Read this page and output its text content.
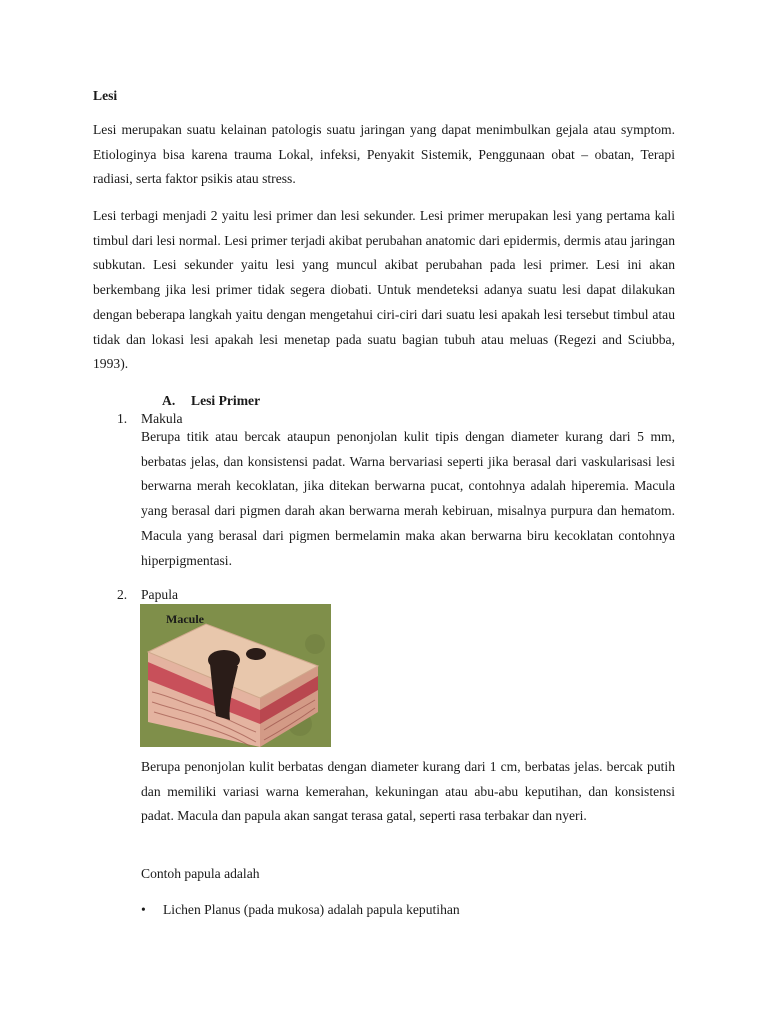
Lesi

Lesi merupakan suatu kelainan patologis suatu jaringan yang dapat menimbulkan gejala atau symptom. Etiologinya bisa karena trauma Lokal, infeksi, Penyakit Sistemik, Penggunaan obat – obatan, Terapi radiasi, serta faktor psikis atau stress.

Lesi terbagi menjadi 2 yaitu lesi primer dan lesi sekunder. Lesi primer merupakan lesi yang pertama kali timbul dari lesi normal. Lesi primer terjadi akibat perubahan anatomic dari epidermis, dermis atau jaringan subkutan. Lesi sekunder yaitu lesi yang muncul akibat perubahan pada lesi primer. Lesi ini akan berkembang jika lesi primer tidak segera diobati. Untuk mendeteksi adanya suatu lesi dapat dilakukan dengan beberapa langkah yaitu dengan mengetahui ciri-ciri dari suatu lesi apakah lesi tersebut timbul atau tidak dan lokasi lesi apakah lesi menetap pada suatu bagian tubuh atau meluas (Regezi and Sciubba, 1993).

A. Lesi Primer
1. Makula

Berupa titik atau bercak ataupun penonjolan kulit tipis dengan diameter kurang dari 5 mm, berbatas jelas, dan konsistensi padat. Warna bervariasi seperti jika berasal dari vaskularisasi lesi berwarna merah kecoklatan, jika ditekan berwarna pucat, contohnya adalah hiperemia. Macula yang berasal dari pigmen darah akan berwarna merah kebiruan, misalnya purpura dan hematom. Macula yang berasal dari pigmen bermelamin maka akan berwarna biru kecoklatan contohnya hiperpigmentasi.

2. Papula
Macule

Berupa penonjolan kulit berbatas dengan diameter kurang dari 1 cm, berbatas jelas. bercak putih dan memiliki variasi warna kemerahan, kekuningan atau abu-abu keputihan, dan konsistensi padat. Macula dan papula akan sangat terasa gatal, seperti rasa terbakar dan nyeri.

Contoh papula adalah
• Lichen Planus (pada mukosa) adalah papula keputihan
